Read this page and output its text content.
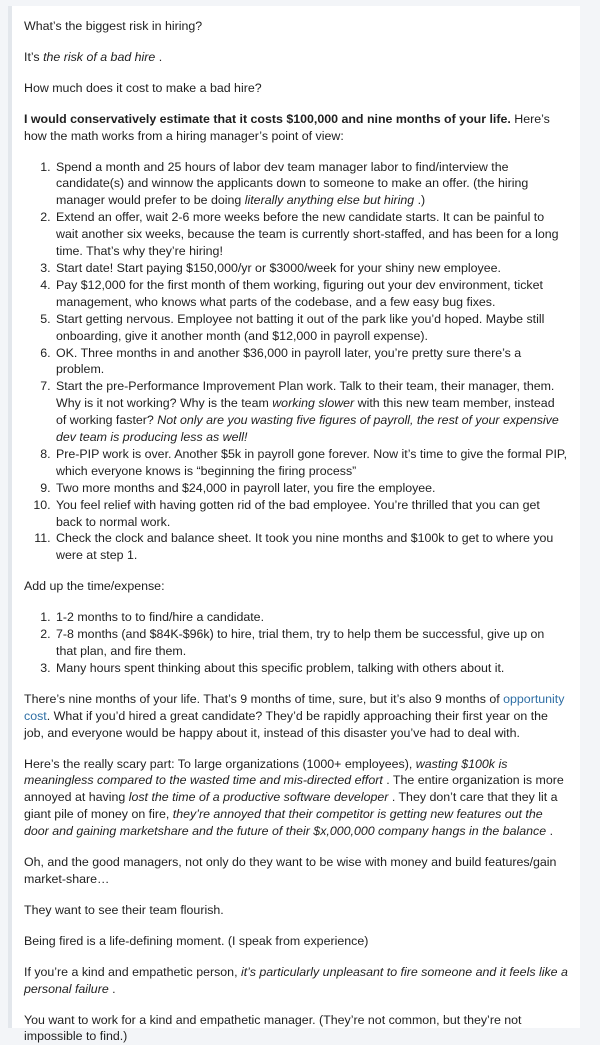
What’s the biggest risk in hiring?

It’s the risk of a bad hire .

How much does it cost to make a bad hire?

I would conservatively estimate that it costs $100,000 and nine months of your life. Here’s how the math works from a hiring manager’s point of view:

1. Spend a month and 25 hours of labor dev team manager labor to find/interview the candidate(s) and winnow the applicants down to someone to make an offer. (the hiring manager would prefer to be doing literally anything else but hiring .)
2. Extend an offer, wait 2-6 more weeks before the new candidate starts. It can be painful to wait another six weeks, because the team is currently short-staffed, and has been for a long time. That’s why they’re hiring!
3. Start date! Start paying $150,000/yr or $3000/week for your shiny new employee.
4. Pay $12,000 for the first month of them working, figuring out your dev environment, ticket management, who knows what parts of the codebase, and a few easy bug fixes.
5. Start getting nervous. Employee not batting it out of the park like you’d hoped. Maybe still onboarding, give it another month (and $12,000 in payroll expense).
6. OK. Three months in and another $36,000 in payroll later, you’re pretty sure there’s a problem.
7. Start the pre-Performance Improvement Plan work. Talk to their team, their manager, them. Why is it not working? Why is the team working slower with this new team member, instead of working faster? Not only are you wasting five figures of payroll, the rest of your expensive dev team is producing less as well!
8. Pre-PIP work is over. Another $5k in payroll gone forever. Now it’s time to give the formal PIP, which everyone knows is “beginning the firing process”
9. Two more months and $24,000 in payroll later, you fire the employee.
10. You feel relief with having gotten rid of the bad employee. You’re thrilled that you can get back to normal work.
11. Check the clock and balance sheet. It took you nine months and $100k to get to where you were at step 1.

Add up the time/expense:

1. 1-2 months to to find/hire a candidate.
2. 7-8 months (and $84K-$96k) to hire, trial them, try to help them be successful, give up on that plan, and fire them.
3. Many hours spent thinking about this specific problem, talking with others about it.

There’s nine months of your life. That’s 9 months of time, sure, but it’s also 9 months of opportunity cost. What if you’d hired a great candidate? They’d be rapidly approaching their first year on the job, and everyone would be happy about it, instead of this disaster you’ve had to deal with.

Here’s the really scary part: To large organizations (1000+ employees), wasting $100k is meaningless compared to the wasted time and mis-directed effort . The entire organization is more annoyed at having lost the time of a productive software developer . They don’t care that they lit a giant pile of money on fire, they’re annoyed that their competitor is getting new features out the door and gaining marketshare and the future of their $x,000,000 company hangs in the balance .

Oh, and the good managers, not only do they want to be wise with money and build features/gain market-share…

They want to see their team flourish.

Being fired is a life-defining moment. (I speak from experience)

If you’re a kind and empathetic person, it’s particularly unpleasant to fire someone and it feels like a personal failure .

You want to work for a kind and empathetic manager. (They’re not common, but they’re not impossible to find.)
